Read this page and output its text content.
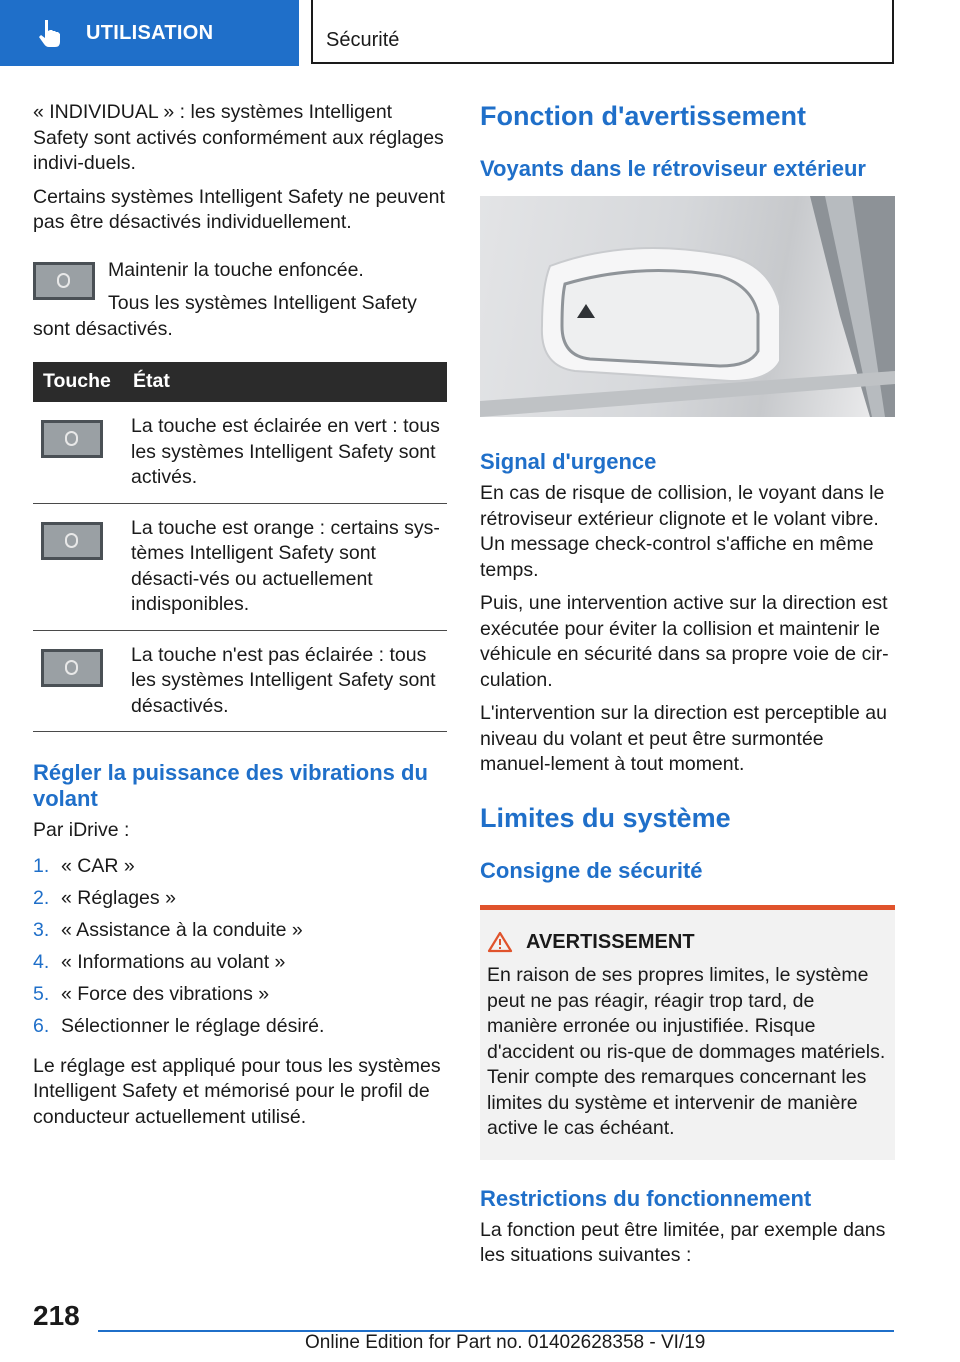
UTILISATION	Sécurité

« INDIVIDUAL » : les systèmes Intelligent Safety sont activés conformément aux réglages indivi‐duels.

Certains systèmes Intelligent Safety ne peuvent pas être désactivés individuellement.

Maintenir la touche enfoncée.

Tous les systèmes Intelligent Safety sont désactivés.

Touche	État
	La touche est éclairée en vert : tous les systèmes Intelligent Safety sont activés.
	La touche est orange : certains sys‐tèmes Intelligent Safety sont désacti‐vés ou actuellement indisponibles.
	La touche n'est pas éclairée : tous les systèmes Intelligent Safety sont désactivés.
Régler la puissance des vibrations du volant

Par iDrive :

1. « CAR »
2. « Réglages »
3. « Assistance à la conduite »
4. « Informations au volant »
5. « Force des vibrations »
6. Sélectionner le réglage désiré.

Le réglage est appliqué pour tous les systèmes Intelligent Safety et mémorisé pour le profil de conducteur actuellement utilisé.

Fonction d'avertissement
Voyants dans le rétroviseur extérieur
Signal d'urgence

En cas de risque de collision, le voyant dans le rétroviseur extérieur clignote et le volant vibre. Un message check-control s'affiche en même temps.

Puis, une intervention active sur la direction est exécutée pour éviter la collision et maintenir le véhicule en sécurité dans sa propre voie de cir‐culation.

L'intervention sur la direction est perceptible au niveau du volant et peut être surmontée manuel‐lement à tout moment.

Limites du système
Consigne de sécurité
AVERTISSEMENT

En raison de ses propres limites, le système peut ne pas réagir, réagir trop tard, de manière erronée ou injustifiée. Risque d'accident ou ris‐que de dommages matériels. Tenir compte des remarques concernant les limites du système et intervenir de manière active le cas échéant.

Restrictions du fonctionnement

La fonction peut être limitée, par exemple dans les situations suivantes :

218
Online Edition for Part no. 01402628358 - VI/19
